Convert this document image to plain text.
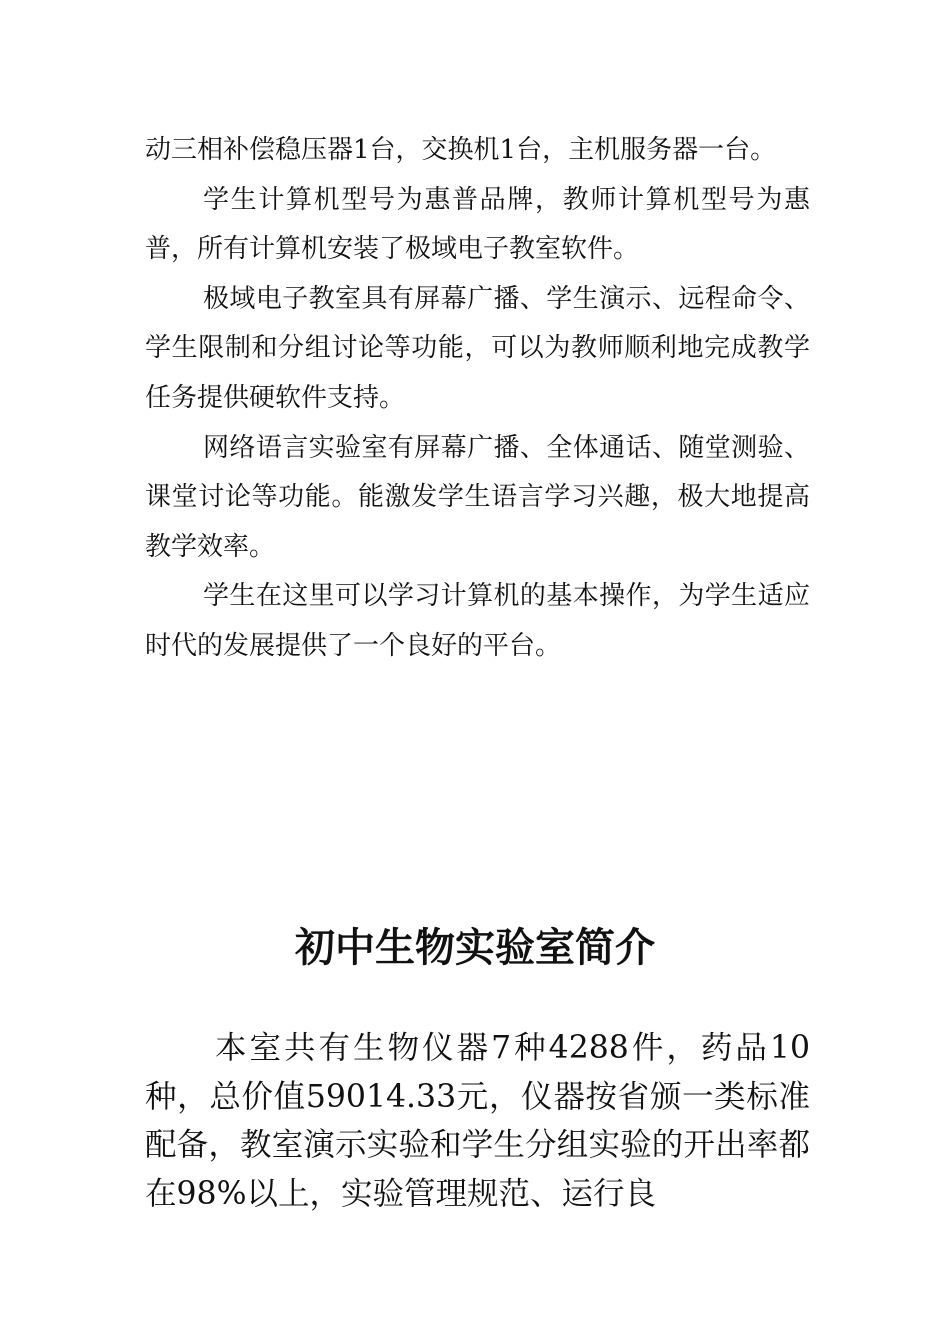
动三相补偿稳压器1台，交换机1台，主机服务器一台。

学生计算机型号为惠普品牌，教师计算机型号为惠普，所有计算机安装了极域电子教室软件。

极域电子教室具有屏幕广播、学生演示、远程命令、学生限制和分组讨论等功能，可以为教师顺利地完成教学任务提供硬软件支持。

网络语言实验室有屏幕广播、全体通话、随堂测验、课堂讨论等功能。能激发学生语言学习兴趣，极大地提高教学效率。

学生在这里可以学习计算机的基本操作，为学生适应时代的发展提供了一个良好的平台。

初中生物实验室简介

本室共有生物仪器7种4288件，药品10种，总价值59014.33元，仪器按省颁一类标准配备，教室演示实验和学生分组实验的开出率都在98%以上，实验管理规范、运行良
